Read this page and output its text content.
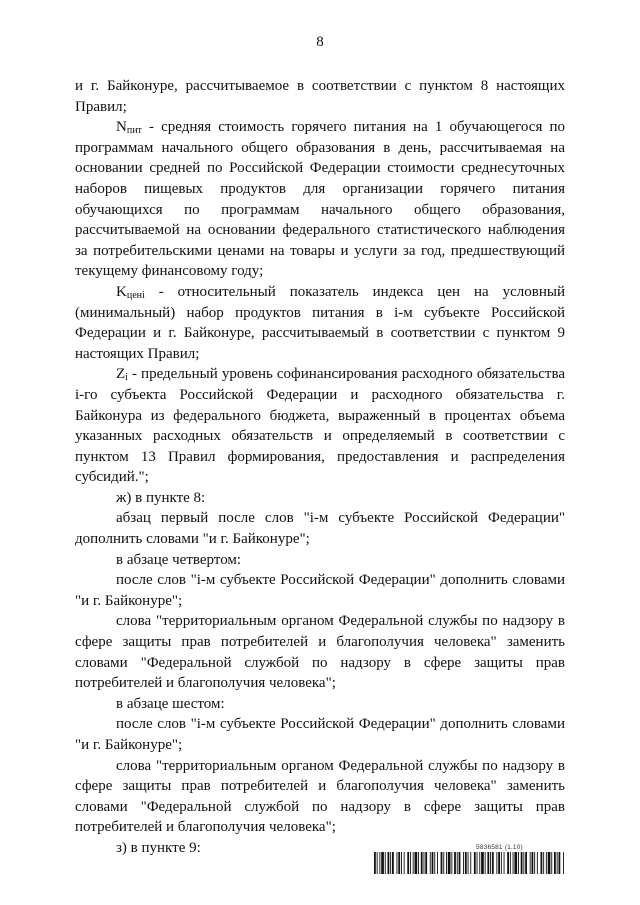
8

и г. Байконуре, рассчитываемое в соответствии с пунктом 8 настоящих Правил;

$N_{пит}$ - средняя стоимость горячего питания на 1 обучающегося по программам начального общего образования в день, рассчитываемая на основании средней по Российской Федерации стоимости среднесуточных наборов пищевых продуктов для организации горячего питания обучающихся по программам начального общего образования, рассчитываемой на основании федерального статистического наблюдения за потребительскими ценами на товары и услуги за год, предшествующий текущему финансовому году;

$K_{цені}$ - относительный показатель индекса цен на условный (минимальный) набор продуктов питания в i-м субъекте Российской Федерации и г. Байконуре, рассчитываемый в соответствии с пунктом 9 настоящих Правил;

$Z_i$ - предельный уровень софинансирования расходного обязательства i-го субъекта Российской Федерации и расходного обязательства г. Байконура из федерального бюджета, выраженный в процентах объема указанных расходных обязательств и определяемый в соответствии с пунктом 13 Правил формирования, предоставления и распределения субсидий.";

ж) в пункте 8:

абзац первый после слов "i-м субъекте Российской Федерации" дополнить словами "и г. Байконуре";

в абзаце четвертом:

после слов "i-м субъекте Российской Федерации" дополнить словами "и г. Байконуре";

слова "территориальным органом Федеральной службы по надзору в сфере защиты прав потребителей и благополучия человека" заменить словами "Федеральной службой по надзору в сфере защиты прав потребителей и благополучия человека";

в абзаце шестом:

после слов "i-м субъекте Российской Федерации" дополнить словами "и г. Байконуре";

слова "территориальным органом Федеральной службы по надзору в сфере защиты прав потребителей и благополучия человека" заменить словами "Федеральной службой по надзору в сфере защиты прав потребителей и благополучия человека";

з) в пункте 9:	5836581 (1.10)
